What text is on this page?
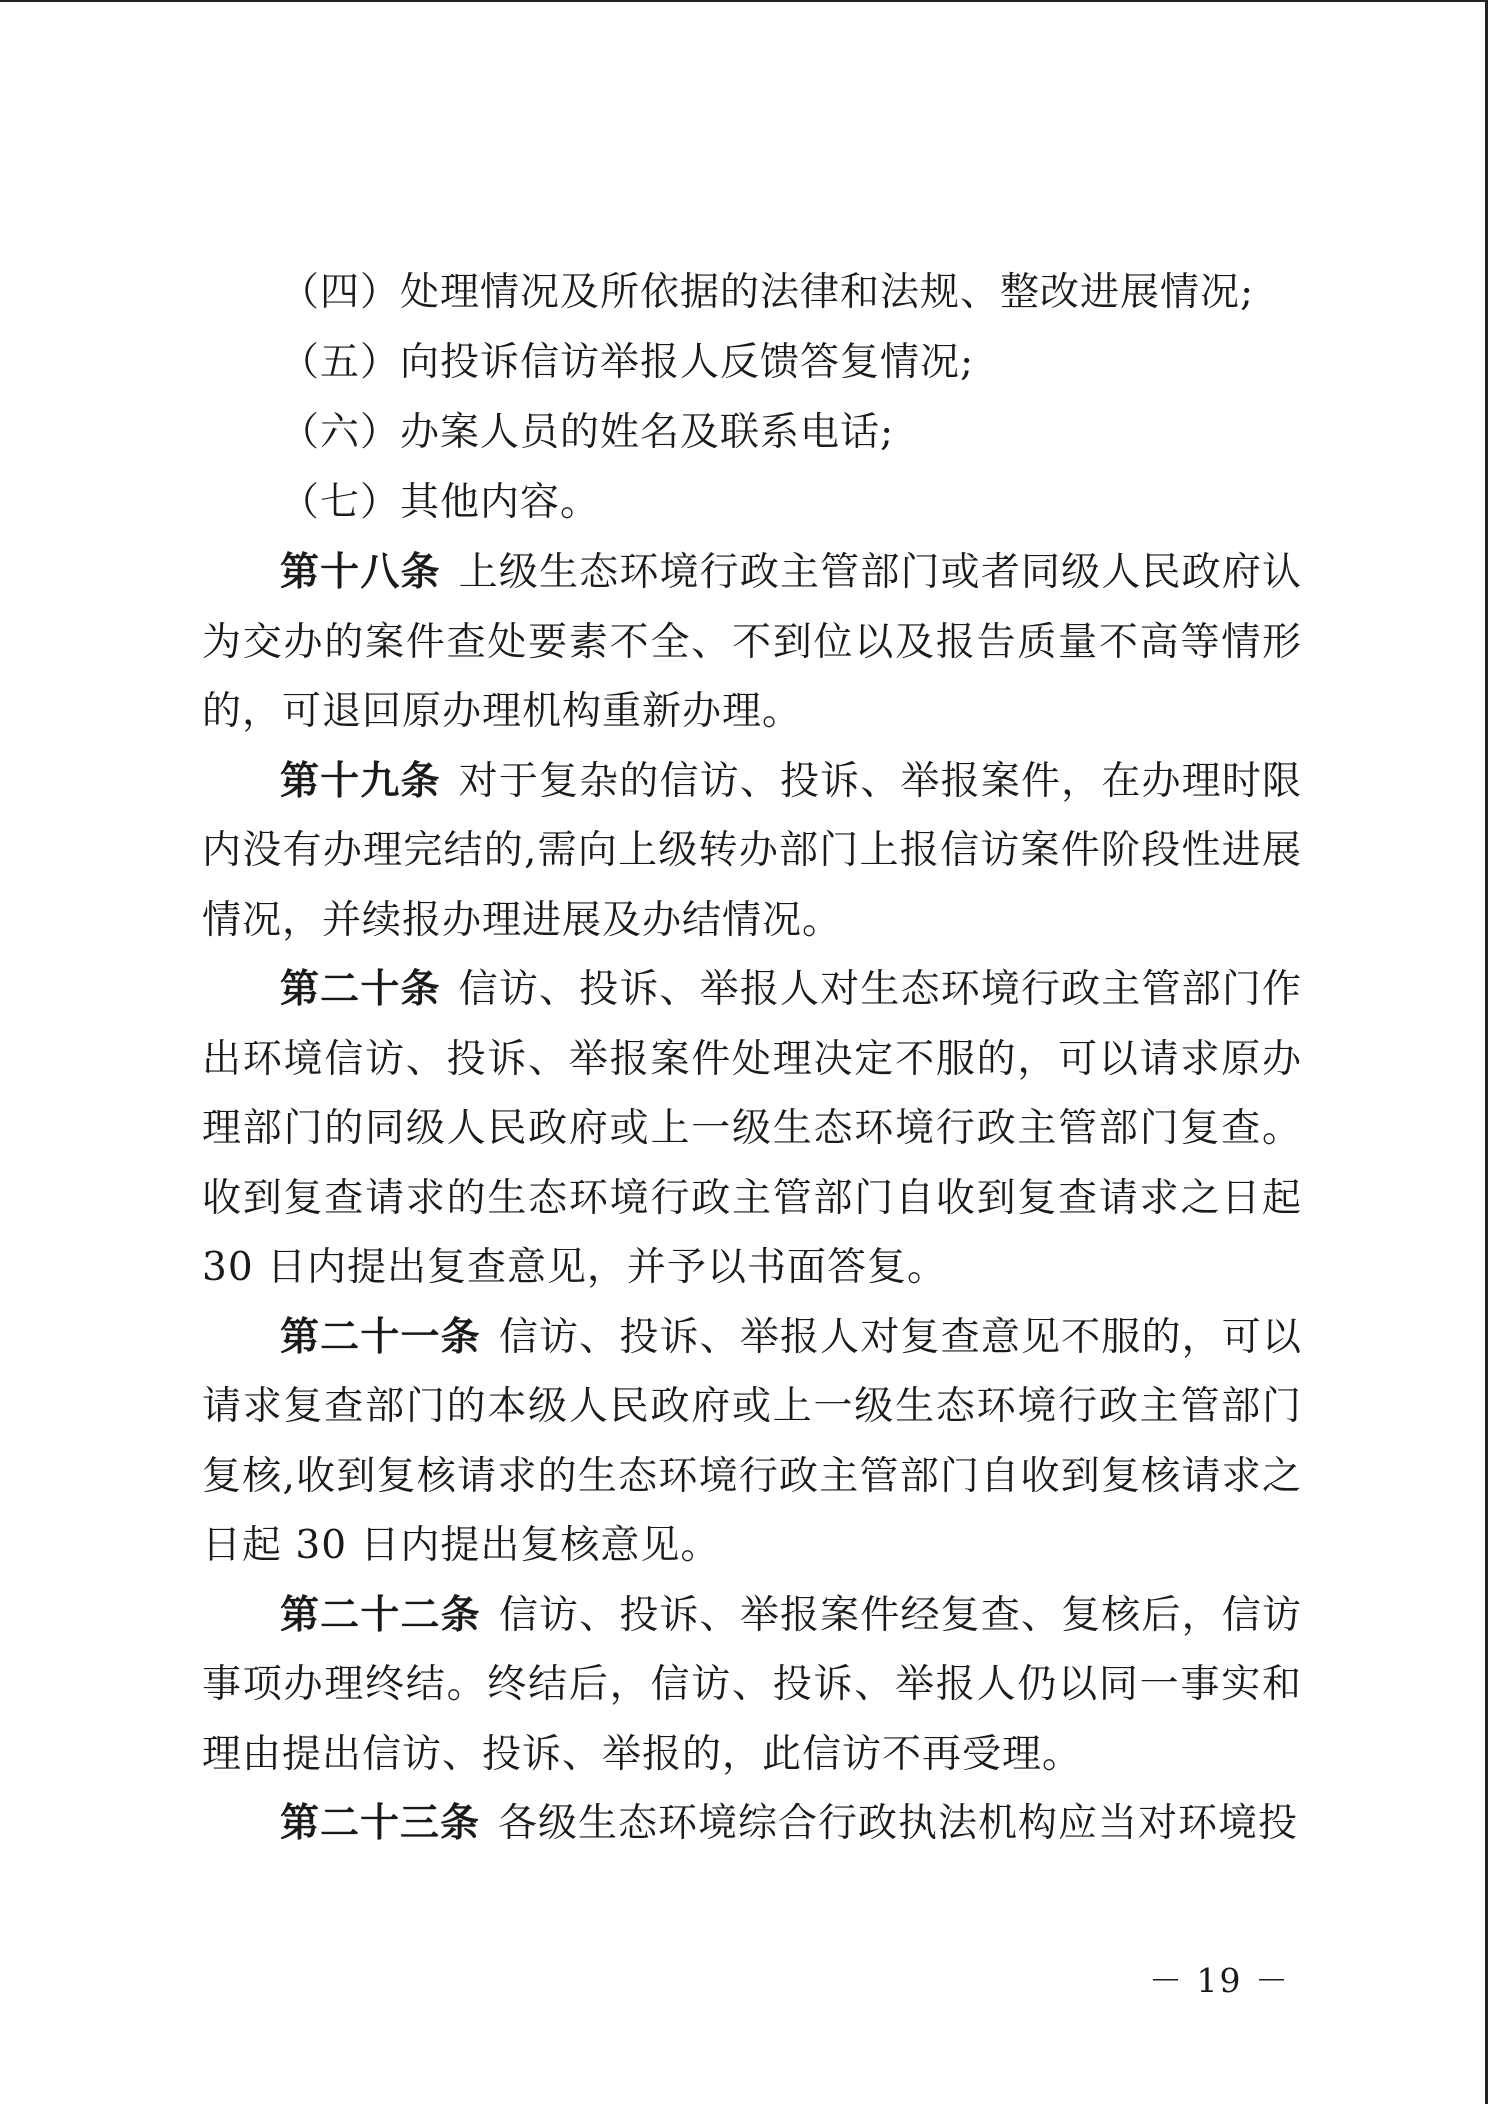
（四）处理情况及所依据的法律和法规、整改进展情况;
（五）向投诉信访举报人反馈答复情况;
（六）办案人员的姓名及联系电话;
（七）其他内容。

第十八条 上级生态环境行政主管部门或者同级人民政府认为交办的案件查处要素不全、不到位以及报告质量不高等情形的，可退回原办理机构重新办理。

第十九条 对于复杂的信访、投诉、举报案件，在办理时限内没有办理完结的,需向上级转办部门上报信访案件阶段性进展情况，并续报办理进展及办结情况。

第二十条 信访、投诉、举报人对生态环境行政主管部门作出环境信访、投诉、举报案件处理决定不服的，可以请求原办理部门的同级人民政府或上一级生态环境行政主管部门复查。收到复查请求的生态环境行政主管部门自收到复查请求之日起 30 日内提出复查意见，并予以书面答复。

第二十一条 信访、投诉、举报人对复查意见不服的，可以请求复查部门的本级人民政府或上一级生态环境行政主管部门复核,收到复核请求的生态环境行政主管部门自收到复核请求之日起 30 日内提出复核意见。

第二十二条 信访、投诉、举报案件经复查、复核后，信访事项办理终结。终结后，信访、投诉、举报人仍以同一事实和理由提出信访、投诉、举报的，此信访不再受理。

第二十三条 各级生态环境综合行政执法机构应当对环境投

－ 19 －
